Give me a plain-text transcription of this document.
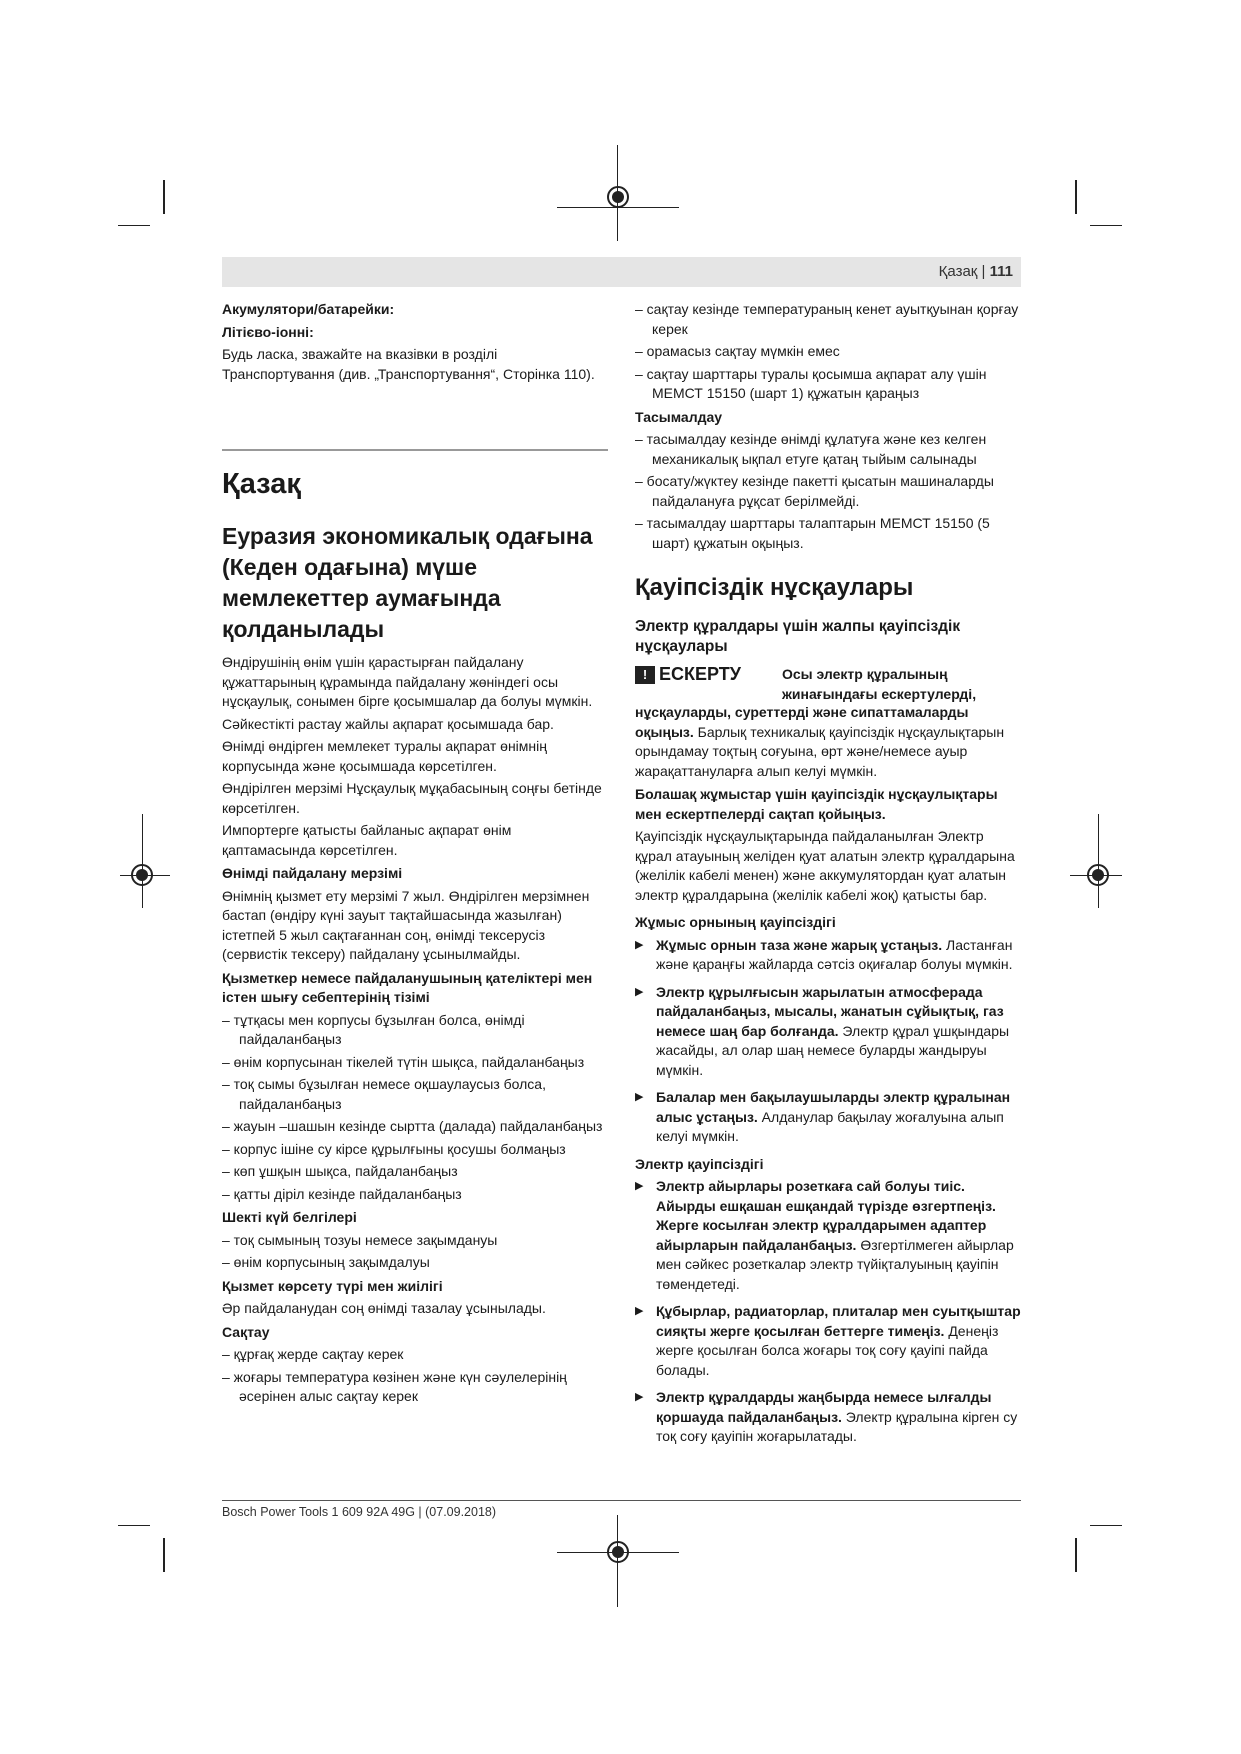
Қазақ | 111

Акумулятори/батарейки:

Літієво-іонні:

Будь ласка, зважайте на вказівки в розділі Транспортування (див. „Транспортування“, Сторінка 110).

Қазақ

Еуразия экономикалық одағына (Кеден одағына) мүше мемлекеттер аумағында қолданылады

Өндірушінің өнім үшін қарастырған пайдалану құжаттарының құрамында пайдалану жөніндегі осы нұсқаулық, сонымен бірге қосымшалар да болуы мүмкін.

Сәйкестікті растау жайлы ақпарат қосымшада бар.

Өнімді өндірген мемлекет туралы ақпарат өнімнің корпусында және қосымшада көрсетілген.

Өндірілген мерзімі Нұсқаулық мұқабасының соңғы бетінде көрсетілген.

Импортерге қатысты байланыс ақпарат өнім қаптамасында көрсетілген.

Өнімді пайдалану мерзімі

Өнімнің қызмет ету мерзімі 7 жыл. Өндірілген мерзімнен бастап (өндіру күні зауыт тақтайшасында жазылған) істетпей 5 жыл сақтағаннан соң, өнімді тексерусіз (сервистік тексеру) пайдалану ұсынылмайды.

Қызметкер немесе пайдаланушының қателіктері мен істен шығу себептерінің тізімі

– тұтқасы мен корпусы бұзылған болса, өнімді пайдаланбаңыз

– өнім корпусынан тікелей түтін шықса, пайдаланбаңыз

– тоқ сымы бұзылған немесе оқшаулаусыз болса, пайдаланбаңыз

– жауын –шашын кезінде сыртта (далада) пайдаланбаңыз

– корпус ішіне су кірсе құрылғыны қосушы болмаңыз

– көп ұшқын шықса, пайдаланбаңыз

– қатты діріл кезінде пайдаланбаңыз

Шекті күй белгілері

– тоқ сымының тозуы немесе зақымдануы

– өнім корпусының зақымдалуы

Қызмет көрсету түрі мен жиілігі

Әр пайдаланудан соң өнімді тазалау ұсынылады.

Сақтау

– құрғақ жерде сақтау керек

– жоғары температура көзінен және күн сәулелерінің әсерінен алыс сақтау керек

– сақтау кезінде температураның кенет ауытқуынан қорғау керек

– орамасыз сақтау мүмкін емес

– сақтау шарттары туралы қосымша ақпарат алу үшін МЕМСТ 15150 (шарт 1) құжатын қараңыз

Тасымалдау

– тасымалдау кезінде өнімді құлатуға және кез келген механикалық ықпал етуге қатаң тыйым салынады

– босату/жүктеу кезінде пакетті қысатын машиналарды пайдалануға рұқсат берілмейді.

– тасымалдау шарттары талаптарын МЕМСТ 15150 (5 шарт) құжатын оқыңыз.

Қауіпсіздік нұсқаулары

Электр құралдары үшін жалпы қауіпсіздік нұсқаулары

! ЕСКЕРТУ	Осы электр құралының жинағындағы ескертулерді,

нұсқауларды, суреттерді және сипаттамаларды оқыңыз. Барлық техникалық қауіпсіздік нұсқаулықтарын орындамау тоқтың соғуына, өрт және/немесе ауыр жарақаттануларға алып келуі мүмкін.

Болашақ жұмыстар үшін қауіпсіздік нұсқаулықтары мен ескертпелерді сақтап қойыңыз.

Қауіпсіздік нұсқаулықтарында пайдаланылған Электр құрал атауының желіден қуат алатын электр құралдарына (желілік кабелі менен) және аккумулятордан қуат алатын электр құралдарына (желілік кабелі жоқ) қатысты бар.

Жұмыс орнының қауіпсіздігі

▶ Жұмыс орнын таза және жарық ұстаңыз. Ластанған және қараңғы жайларда сәтсіз оқиғалар болуы мүмкін.

▶ Электр құрылғысын жарылатын атмосферада пайдаланбаңыз, мысалы, жанатын сұйықтық, газ немесе шаң бар болғанда. Электр құрал ұшқындары жасайды, ал олар шаң немесе буларды жандыруы мүмкін.

▶ Балалар мен бақылаушыларды электр құралынан алыс ұстаңыз. Алданулар бақылау жоғалуына алып келуі мүмкін.

Электр қауіпсіздігі

▶ Электр айырлары розеткаға сай болуы тиіс. Айырды ешқашан ешқандай түрізде өзгертпеңіз. Жерге косылған электр құралдарымен адаптер айырларын пайдаланбаңыз. Өзгертілмеген айырлар мен сәйкес розеткалар электр түйіқталуының қауіпін төмендетеді.

▶ Құбырлар, радиаторлар, плиталар мен суытқыштар сияқты жерге қосылған беттерге тимеңіз. Денеңіз жерге қосылған болса жоғары тоқ соғу қауіпі пайда болады.

▶ Электр құралдарды жаңбырда немесе ылғалды қоршауда пайдаланбаңыз. Электр құралына кірген су тоқ соғу қауіпін жоғарылатады.

Bosch Power Tools 1 609 92A 49G | (07.09.2018)
